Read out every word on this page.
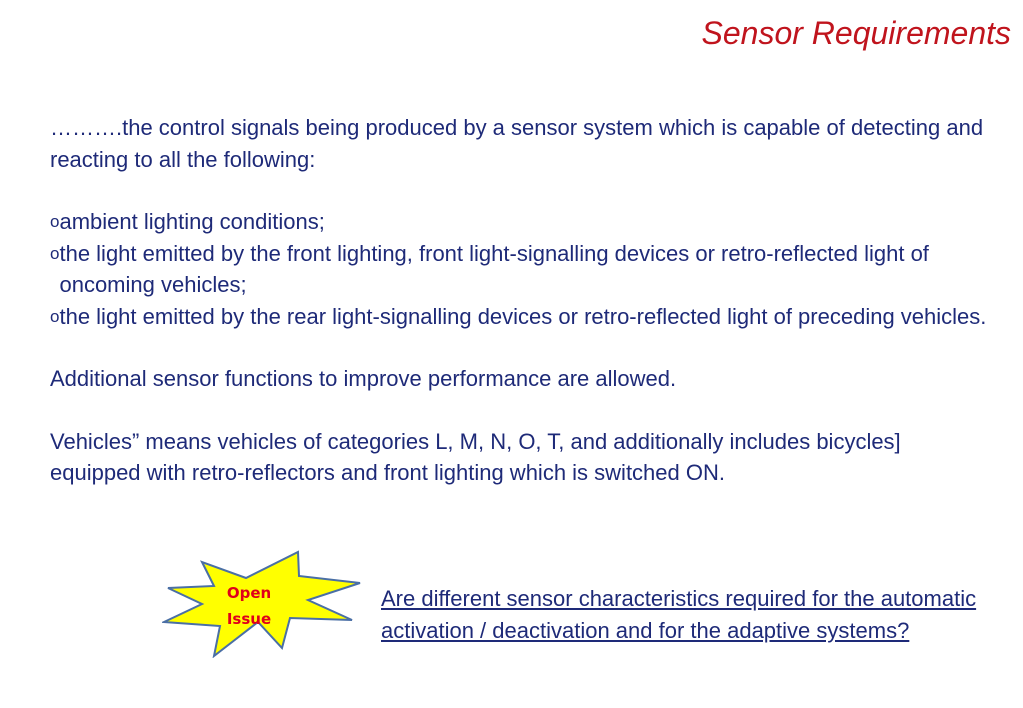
Sensor Requirements

……….the control signals being produced by a sensor system which is capable of detecting and reacting to all the following:

o ambient lighting conditions;
o the light emitted by the front lighting, front light-signalling devices or retro-reflected light of oncoming vehicles;
o the light emitted by the rear light-signalling devices or retro-reflected light of preceding vehicles.

Additional sensor functions to improve performance are allowed.

Vehicles” means vehicles of categories L, M, N, O, T, and additionally includes bicycles] equipped with retro-reflectors and front lighting which is switched ON.

Open
Issue
Are different sensor characteristics required for the automatic activation / deactivation and for the adaptive systems?
